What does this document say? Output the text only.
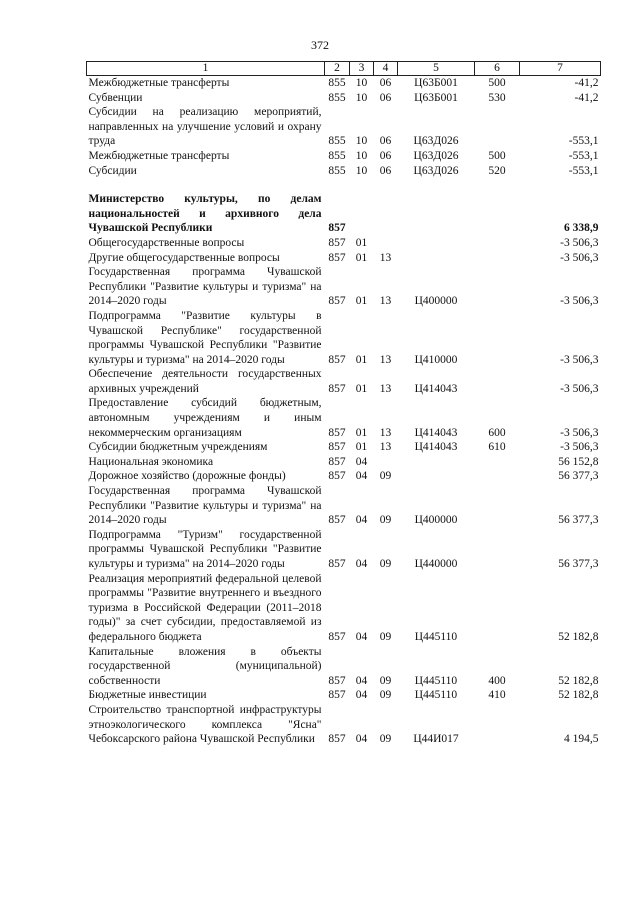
372
1	2	3	4	5	6	7
Межбюджетные трансферты	855	10	06	Ц63Б001	500	-41,2
Субвенции	855	10	06	Ц63Б001	530	-41,2
Субсидии на реализацию мероприятий, направленных на улучшение условий и охрану труда	855	10	06	Ц63Д026		-553,1
Межбюджетные трансферты	855	10	06	Ц63Д026	500	-553,1
Субсидии	855	10	06	Ц63Д026	520	-553,1

Министерство культуры, по делам национальностей и архивного дела Чувашской Республики	857					6 338,9
Общегосударственные вопросы	857	01				-3 506,3
Другие общегосударственные вопросы	857	01	13			-3 506,3
Государственная программа Чувашской Республики "Развитие культуры и туризма" на 2014–2020 годы	857	01	13	Ц400000		-3 506,3
Подпрограмма "Развитие культуры в Чувашской Республике" государственной программы Чувашской Республики "Развитие культуры и туризма" на 2014–2020 годы	857	01	13	Ц410000		-3 506,3
Обеспечение деятельности государственных архивных учреждений	857	01	13	Ц414043		-3 506,3
Предоставление субсидий бюджетным, автономным учреждениям и иным некоммерческим организациям	857	01	13	Ц414043	600	-3 506,3
Субсидии бюджетным учреждениям	857	01	13	Ц414043	610	-3 506,3
Национальная экономика	857	04				56 152,8
Дорожное хозяйство (дорожные фонды)	857	04	09			56 377,3
Государственная программа Чувашской Республики "Развитие культуры и туризма" на 2014–2020 годы	857	04	09	Ц400000		56 377,3
Подпрограмма "Туризм" государственной программы Чувашской Республики "Развитие культуры и туризма" на 2014–2020 годы	857	04	09	Ц440000		56 377,3
Реализация мероприятий федеральной целевой программы "Развитие внутреннего и въездного туризма в Российской Федерации (2011–2018 годы)" за счет субсидии, предоставляемой из федерального бюджета	857	04	09	Ц445110		52 182,8
Капитальные вложения в объекты государственной (муниципальной) собственности	857	04	09	Ц445110	400	52 182,8
Бюджетные инвестиции	857	04	09	Ц445110	410	52 182,8
Строительство транспортной инфраструктуры этноэкологического комплекса "Ясна" Чебоксарского района Чувашской Республики	857	04	09	Ц44И017		4 194,5
